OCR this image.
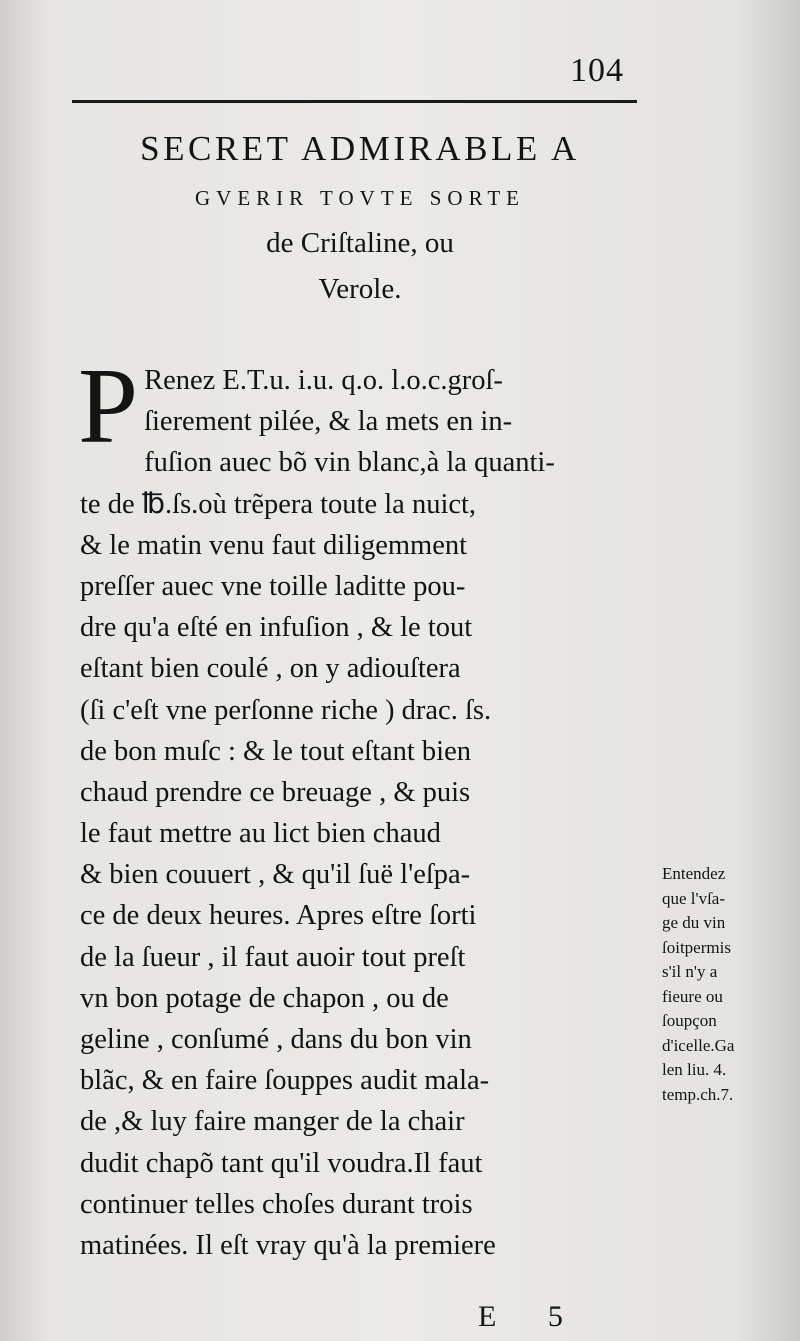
104
SECRET ADMIRABLE A
GVERIR TOVTE SORTE
de Criſtaline, ou
Verole.
P Renez E.T.u. i.u. q.o. l.o.c.groſ-
ſierement pilée, & la mets en in-
fuſion auec bõ vin blanc,à la quanti-
te de ℔.ſs.où trẽpera toute la nuict,
& le matin venu faut diligemment
preſſer auec vne toille laditte pou-
dre qu'a eſté en infuſion , & le tout
eſtant bien coulé , on y adiouſtera
(ſi c'eſt vne perſonne riche ) drac. ſs.
de bon muſc : & le tout eſtant bien
chaud prendre ce breuage , & puis
le faut mettre au lict bien chaud
& bien couuert , & qu'il ſuë l'eſpa-
ce de deux heures. Apres eſtre ſorti
de la ſueur , il faut auoir tout preſt
vn bon potage de chapon , ou de
geline , conſumé , dans du bon vin
blãc, & en faire ſouppes audit mala-
de ,& luy faire manger de la chair
dudit chapõ tant qu'il voudra.Il faut
continuer telles choſes durant trois
matinées. Il eſt vray qu'à la premiere
Entendez
que l'vſa-
ge du vin
ſoitpermis
s'il n'y a
fieure ou
ſoupçon
d'icelle.Ga
len liu. 4.
temp.ch.7.
E 5
